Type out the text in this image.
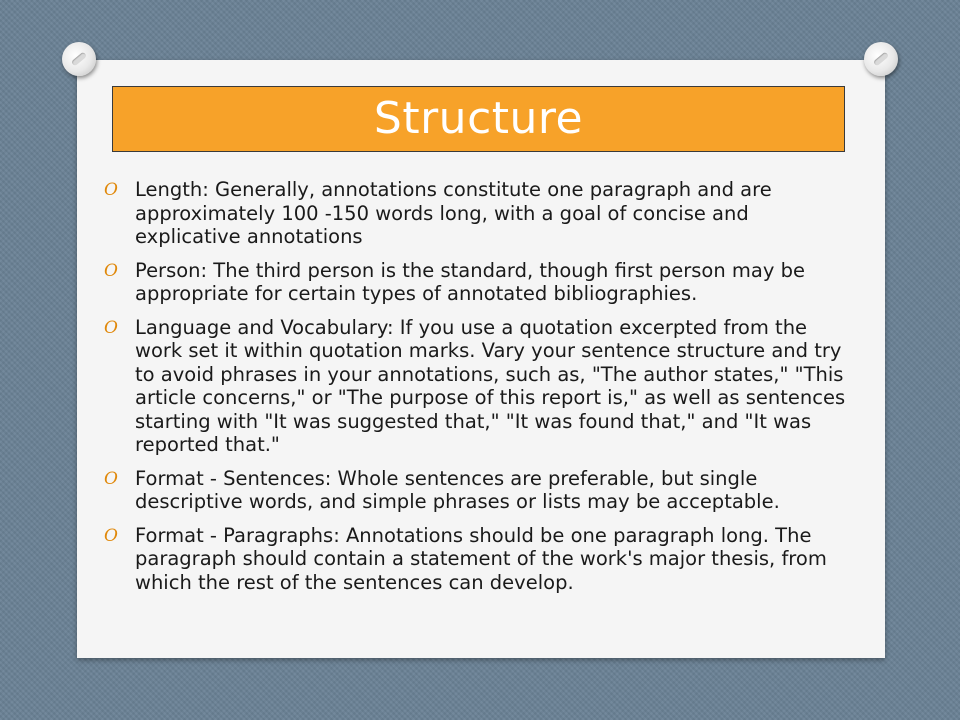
Structure
O Length: Generally, annotations constitute one paragraph and are approximately 100 -150 words long, with a goal of concise and explicative annotations
O Person: The third person is the standard, though first person may be appropriate for certain types of annotated bibliographies.
O Language and Vocabulary: If you use a quotation excerpted from the work set it within quotation marks. Vary your sentence structure and try to avoid phrases in your annotations, such as, "The author states," "This article concerns," or "The purpose of this report is," as well as sentences starting with "It was suggested that," "It was found that," and "It was reported that."
O Format - Sentences: Whole sentences are preferable, but single descriptive words, and simple phrases or lists may be acceptable.
O Format - Paragraphs: Annotations should be one paragraph long. The paragraph should contain a statement of the work's major thesis, from which the rest of the sentences can develop.
